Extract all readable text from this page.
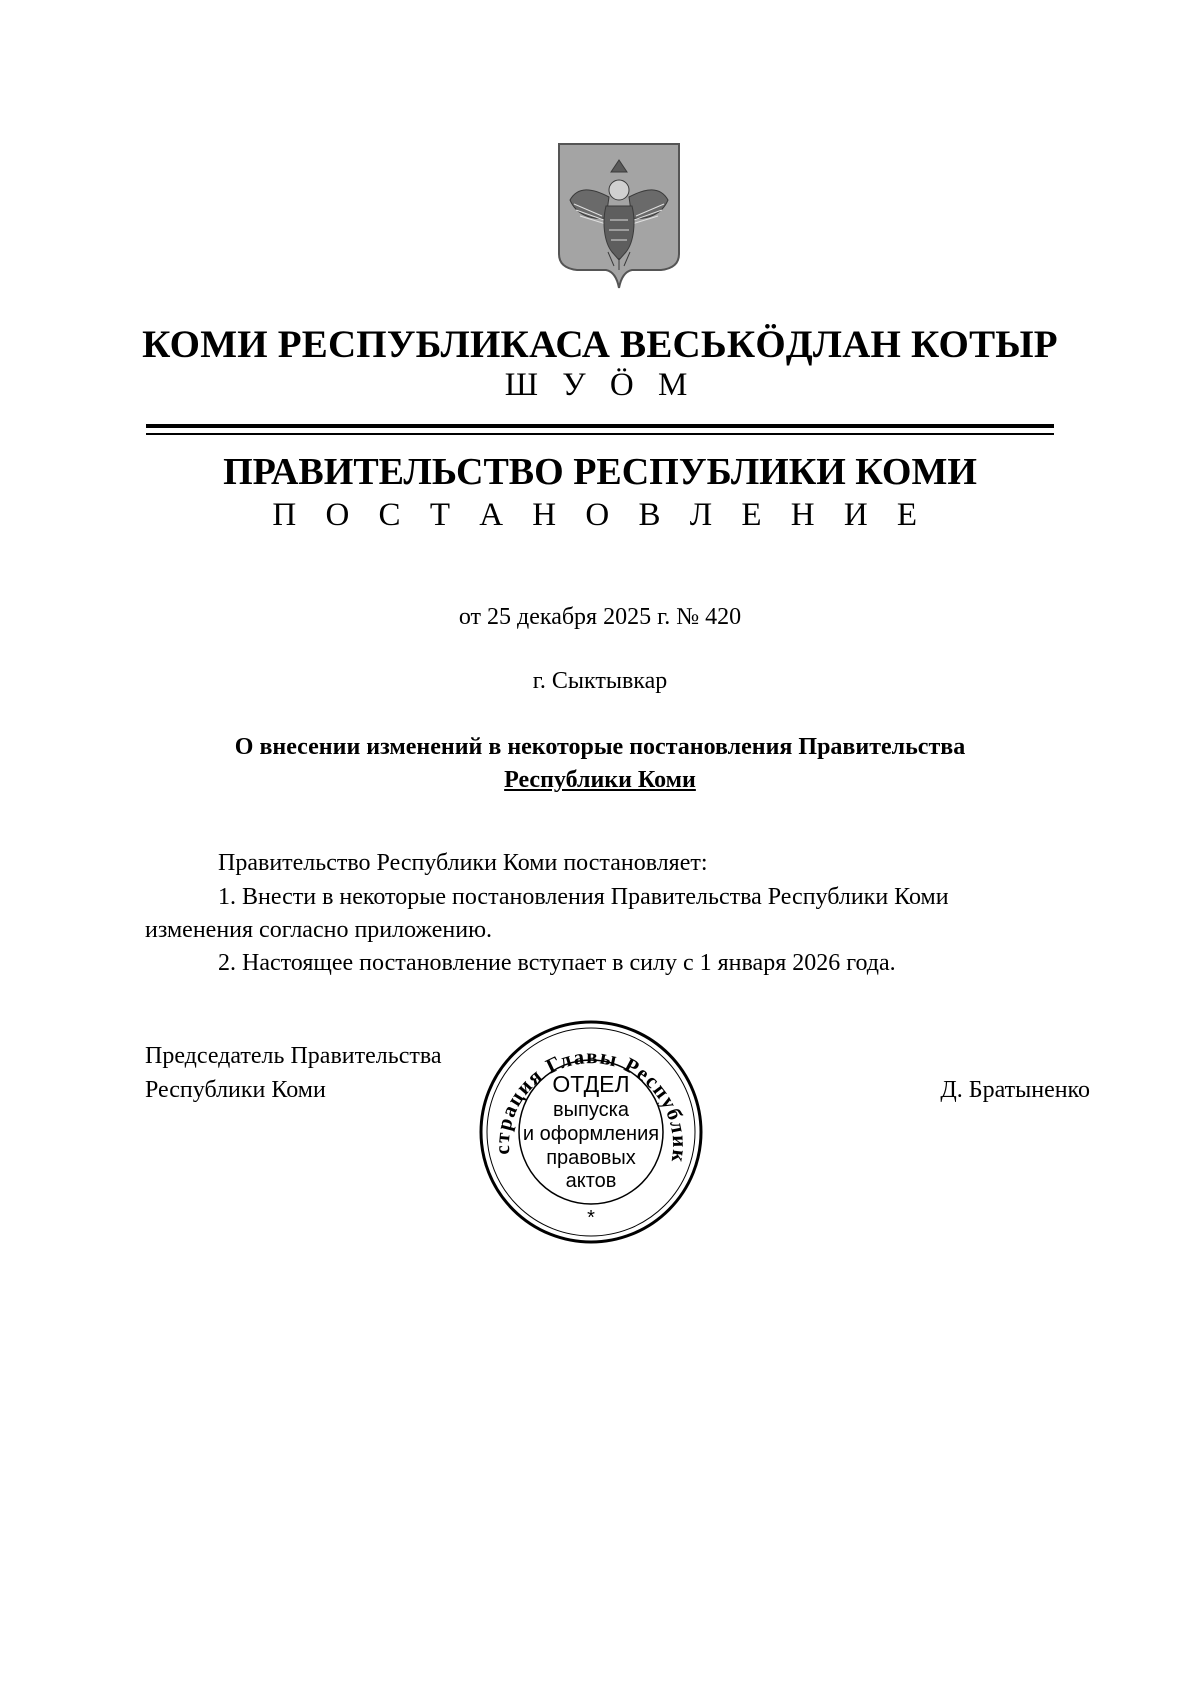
КОМИ РЕСПУБЛИКАСА ВЕСЬКӦДЛАН КОТЫР
Ш У Ӧ М
ПРАВИТЕЛЬСТВО РЕСПУБЛИКИ КОМИ
П О С Т А Н О В Л Е Н И Е
от 25 декабря 2025 г. № 420
г. Сыктывкар
О внесении изменений в некоторые постановления Правительства
Республики Коми
Правительство Республики Коми постановляет:
1. Внести в некоторые постановления Правительства Республики Коми
изменения согласно приложению.
2. Настоящее постановление вступает в силу с 1 января 2026 года.
Председатель Правительства
Республики Коми	Д. Братыненко
страция Главы Республик
ОТДЕЛ
выпуска
и оформления
правовых
актов
*
